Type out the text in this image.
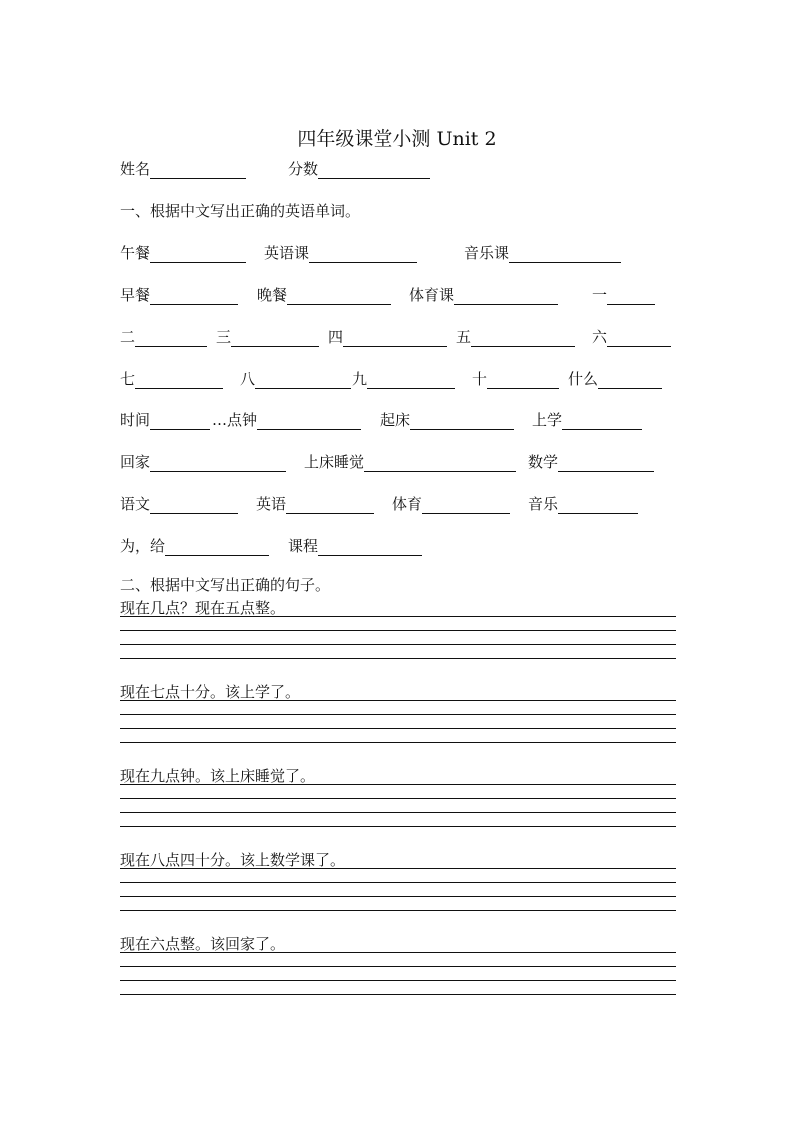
四年级课堂小测 Unit 2
姓名	分数
一、根据中文写出正确的英语单词。
午餐	英语课	音乐课
早餐	晚餐	体育课	一
二	三	四	五	六
七	八	九	十	什么
时间	…点钟	起床	上学
回家	上床睡觉	数学
语文	英语	体育	音乐
为，给	课程
二、根据中文写出正确的句子。
现在几点？现在五点整。
现在七点十分。该上学了。
现在九点钟。该上床睡觉了。
现在八点四十分。该上数学课了。
现在六点整。该回家了。
